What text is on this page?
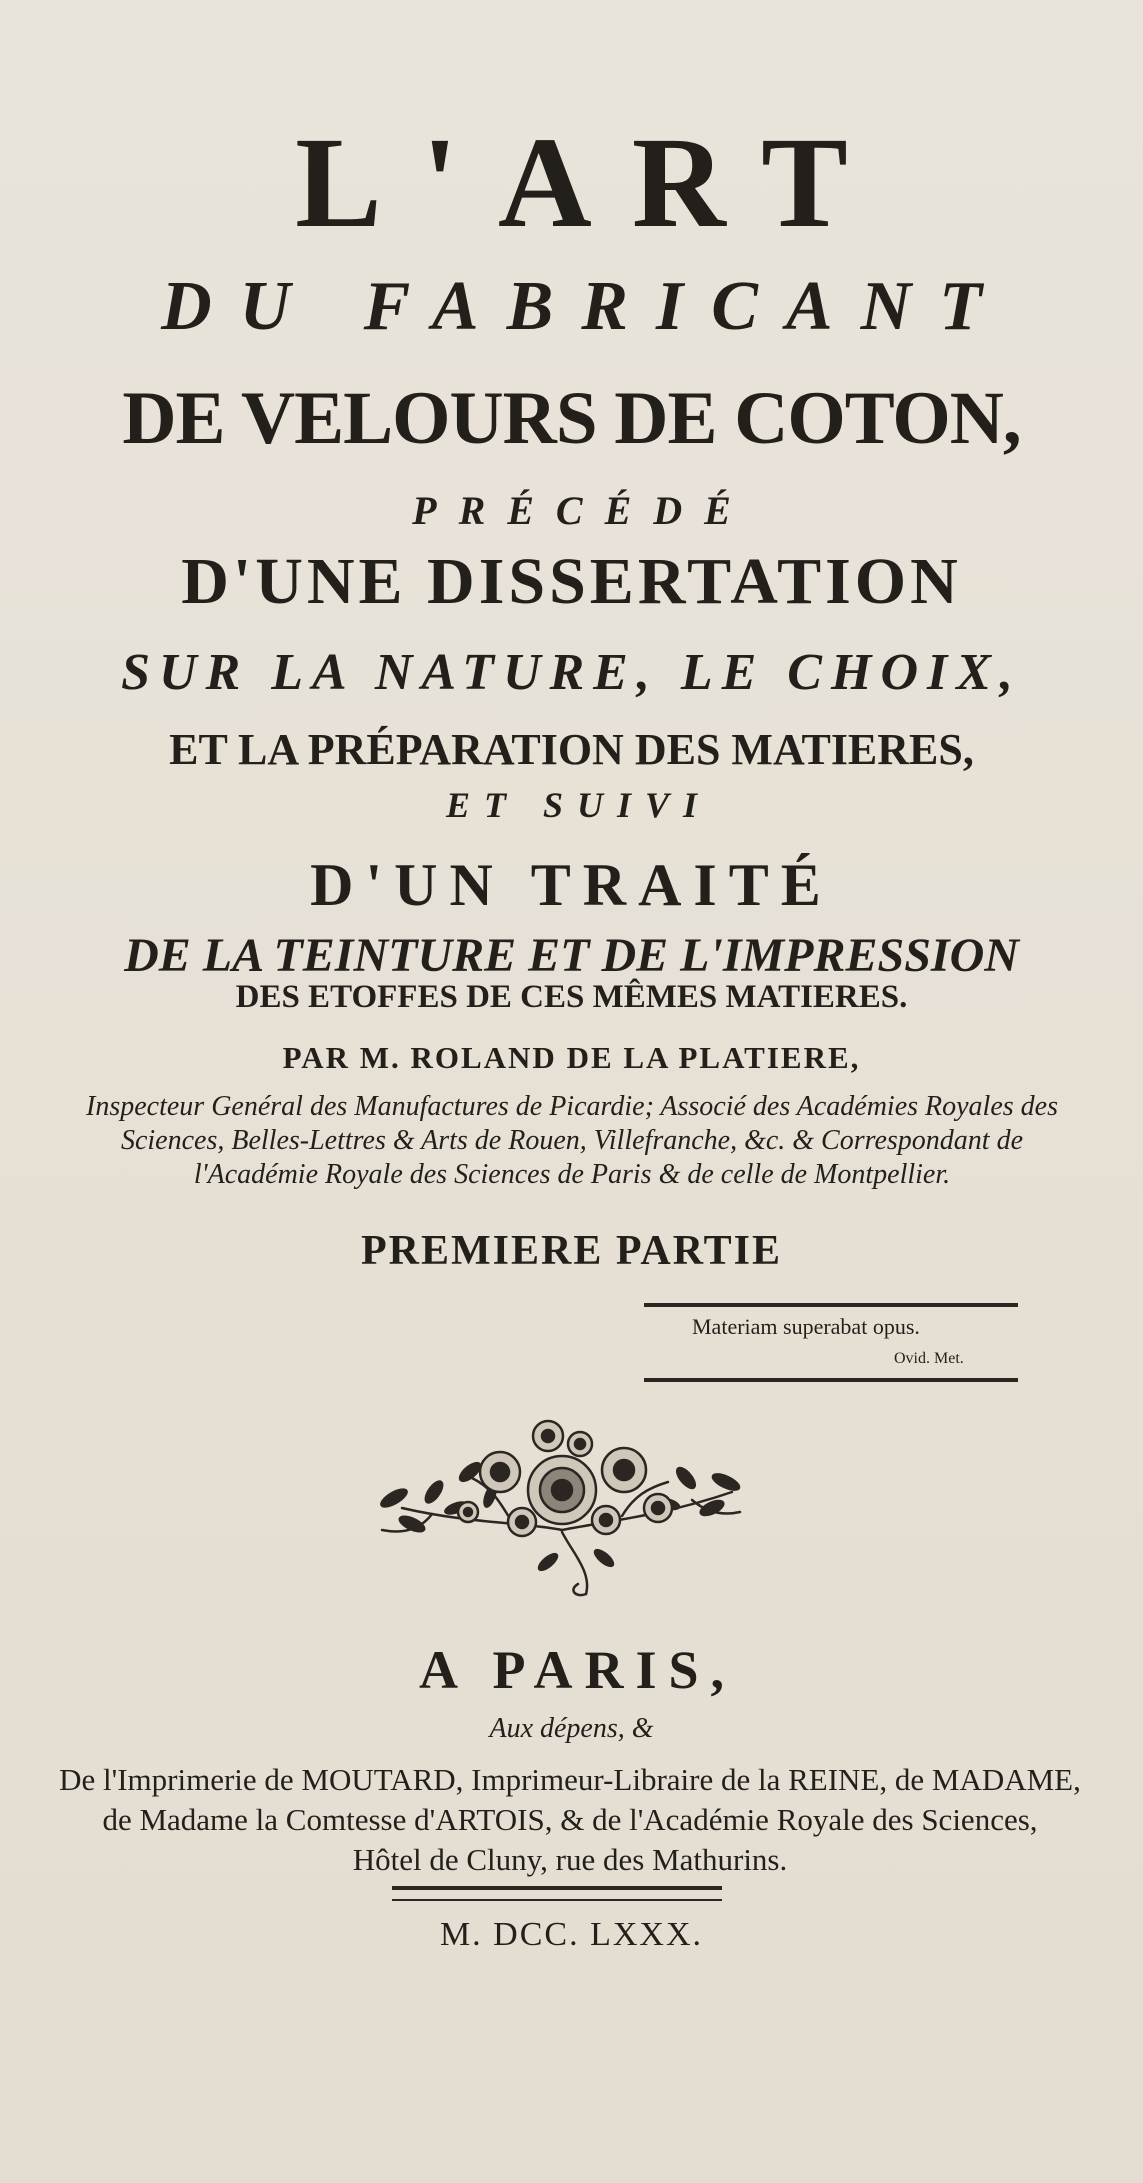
L'ART
DU FABRICANT
DE VELOURS DE COTON,
PRÉCÉDÉ
D'UNE DISSERTATION
SUR LA NATURE, LE CHOIX,
ET LA PRÉPARATION DES MATIERES,
ET SUIVI
D'UN TRAITÉ
DE LA TEINTURE ET DE L'IMPRESSION
DES ETOFFES DE CES MÊMES MATIERES.
PAR M. ROLAND DE LA PLATIERE,
Inspecteur Genéral des Manufactures de Picardie; Associé des Académies Royales des
Sciences, Belles-Lettres & Arts de Rouen, Villefranche, &c. & Correspondant de
l'Académie Royale des Sciences de Paris & de celle de Montpellier.
PREMIERE PARTIE
Materiam superabat opus.
Ovid. Met.
A PARIS,
Aux dépens, &
De l'Imprimerie de MOUTARD, Imprimeur-Libraire de la REINE, de MADAME,
de Madame la Comtesse d'ARTOIS, & de l'Académie Royale des Sciences,
Hôtel de Cluny, rue des Mathurins.
M. DCC. LXXX.
